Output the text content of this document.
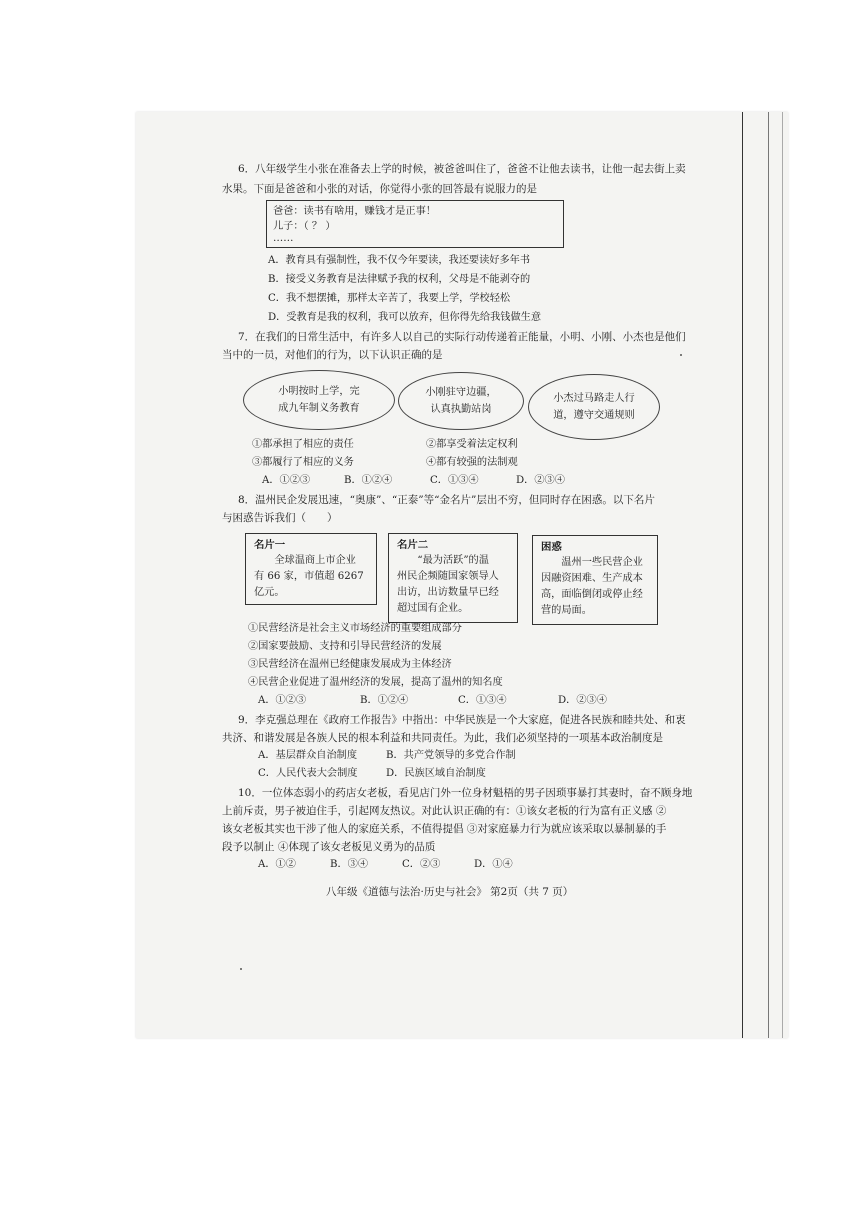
6．八年级学生小张在准备去上学的时候，被爸爸叫住了，爸爸不让他去读书，让他一起去街上卖
水果。下面是爸爸和小张的对话，你觉得小张的回答最有说服力的是
爸爸：读书有啥用，赚钱才是正事！
儿子：（ ？ ）
……
A．教育具有强制性，我不仅今年要读，我还要读好多年书
B．接受义务教育是法律赋予我的权利，父母是不能剥夺的
C．我不想摆摊，那样太辛苦了，我要上学，学校轻松
D．受教育是我的权利，我可以放弃，但你得先给我钱做生意
7．在我们的日常生活中，有许多人以自己的实际行动传递着正能量，小明、小刚、小杰也是他们
当中的一员，对他们的行为，以下认识正确的是
小明按时上学，完
成九年制义务教育
小刚驻守边疆，
认真执勤站岗
小杰过马路走人行
道，遵守交通规则
①都承担了相应的责任	②都享受着法定权利
③都履行了相应的义务	④都有较强的法制观
A．①②③	B．①②④	C．①③④	D．②③④
8．温州民企发展迅速，“奥康”、“正泰”等“金名片”层出不穷，但同时存在困惑。以下名片
与困惑告诉我们（　　）
名片一
　　全球温商上市企业
有 66 家，市值超 6267
亿元。
名片二
　　“最为活跃”的温
州民企频随国家领导人
出访，出访数量早已经
超过国有企业。
困惑
　　温州一些民营企业
因融资困难、生产成本
高，面临倒闭或停止经
营的局面。
①民营经济是社会主义市场经济的重要组成部分
②国家要鼓励、支持和引导民营经济的发展
③民营经济在温州已经健康发展成为主体经济
④民营企业促进了温州经济的发展，提高了温州的知名度
A．①②③	B．①②④	C．①③④	D．②③④
9．李克强总理在《政府工作报告》中指出：中华民族是一个大家庭，促进各民族和睦共处、和衷
共济、和谐发展是各族人民的根本利益和共同责任。为此，我们必须坚持的一项基本政治制度是
A．基层群众自治制度	B．共产党领导的多党合作制
C．人民代表大会制度	D．民族区域自治制度
10．一位体态弱小的药店女老板，看见店门外一位身材魁梧的男子因琐事暴打其妻时，奋不顾身地
上前斥责，男子被迫住手，引起网友热议。对此认识正确的有：①该女老板的行为富有正义感 ②
该女老板其实也干涉了他人的家庭关系，不值得提倡 ③对家庭暴力行为就应该采取以暴制暴的手
段予以制止 ④体现了该女老板见义勇为的品质
A．①②	B．③④	C．②③	D．①④
八年级《道德与法治·历史与社会》 第2页（共 7 页）
